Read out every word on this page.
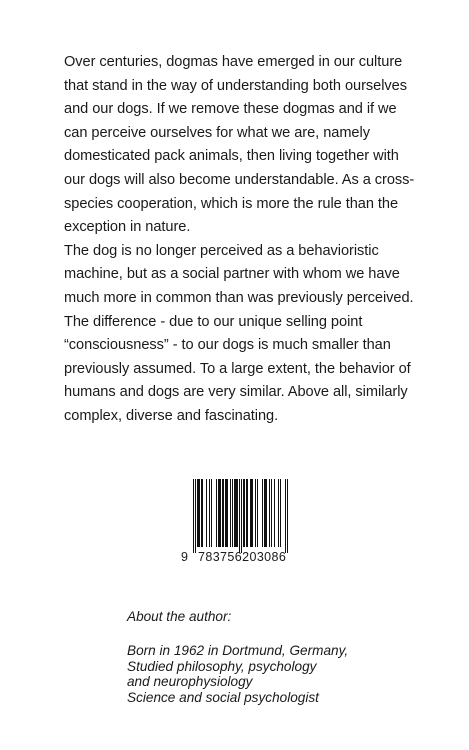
Over centuries, dogmas have emerged in our culture that stand in the way of understanding both ourselves and our dogs. If we remove these dogmas and if we can perceive ourselves for what we are, namely domesticated pack animals, then living together with our dogs will also become understandable. As a cross-species cooperation, which is more the rule than the exception in nature.

The dog is no longer perceived as a behavioristic machine, but as a social partner with whom we have much more in common than was previously perceived. The difference - due to our unique selling point “consciousness” - to our dogs is much smaller than previously assumed. To a large extent, the behavior of humans and dogs are very similar. Above all, similarly complex, diverse and fascinating.

9 783756203086
About the author:
Born in 1962 in Dortmund, Germany,
Studied philosophy, psychology
and neurophysiology
Science and social psychologist
